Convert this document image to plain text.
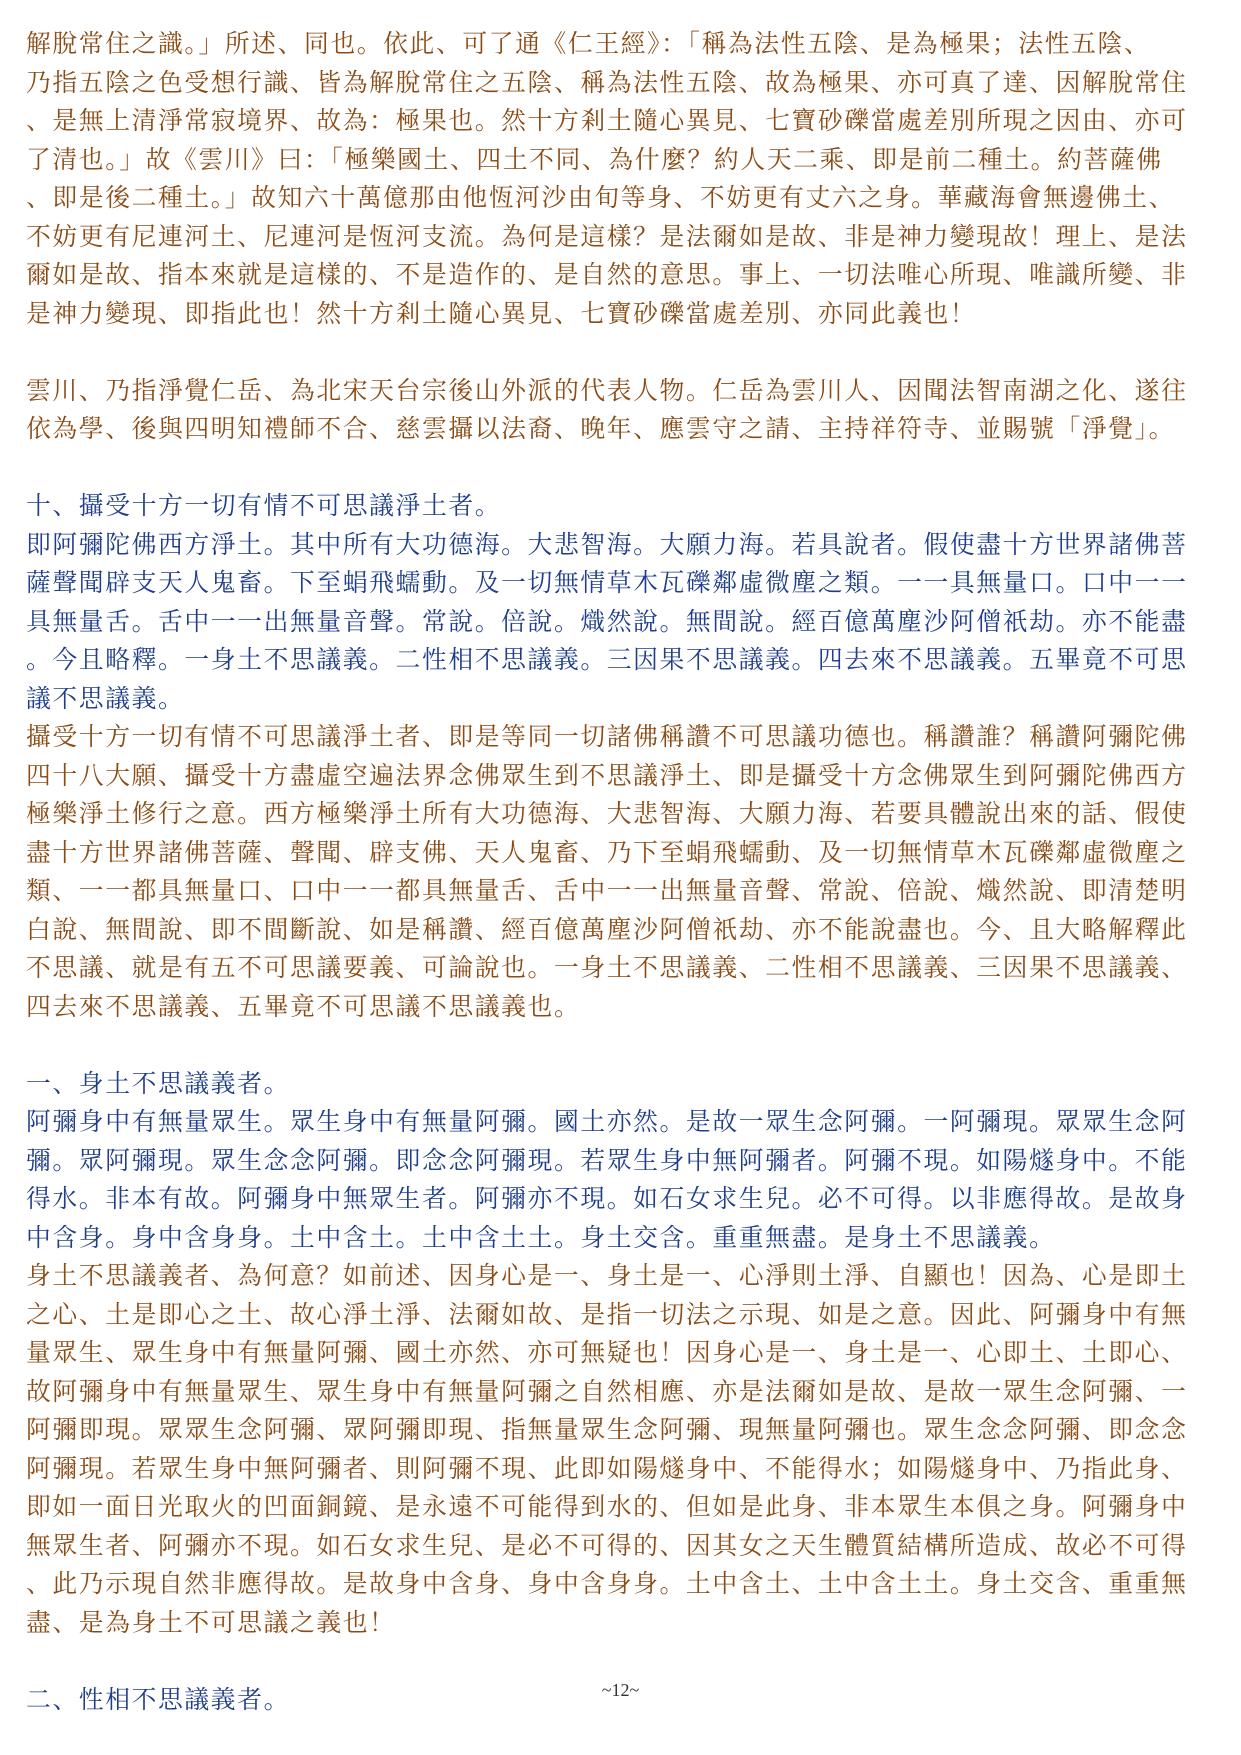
解脫常住之識。」所述、同也。依此、可了通《仁王經》：「稱為法性五陰、是為極果；法性五陰、
乃指五陰之色受想行識、皆為解脫常住之五陰、稱為法性五陰、故為極果、亦可真了達、因解脫常住
、是無上清淨常寂境界、故為：極果也。然十方剎土隨心異見、七寶砂礫當處差別所現之因由、亦可
了清也。」故《雲川》曰：「極樂國土、四土不同、為什麼？約人天二乘、即是前二種土。約菩薩佛
、即是後二種土。」故知六十萬億那由他恆河沙由旬等身、不妨更有丈六之身。華藏海會無邊佛土、
不妨更有尼連河土、尼連河是恆河支流。為何是這樣？是法爾如是故、非是神力變現故！理上、是法
爾如是故、指本來就是這樣的、不是造作的、是自然的意思。事上、一切法唯心所現、唯識所變、非
是神力變現、即指此也！然十方剎土隨心異見、七寶砂礫當處差別、亦同此義也！

雲川、乃指淨覺仁岳、為北宋天台宗後山外派的代表人物。仁岳為雲川人、因聞法智南湖之化、遂往
依為學、後與四明知禮師不合、慈雲攝以法裔、晚年、應雲守之請、主持祥符寺、並賜號「淨覺」。

十、攝受十方一切有情不可思議淨土者。

即阿彌陀佛西方淨土。其中所有大功德海。大悲智海。大願力海。若具說者。假使盡十方世界諸佛菩
薩聲聞辟支天人鬼畜。下至蜎飛蠕動。及一切無情草木瓦礫鄰虛微塵之類。一一具無量口。口中一一
具無量舌。舌中一一出無量音聲。常說。倍說。熾然說。無間說。經百億萬塵沙阿僧祇劫。亦不能盡
。今且略釋。一身土不思議義。二性相不思議義。三因果不思議義。四去來不思議義。五畢竟不可思
議不思議義。

攝受十方一切有情不可思議淨土者、即是等同一切諸佛稱讚不可思議功德也。稱讚誰？稱讚阿彌陀佛
四十八大願、攝受十方盡虛空遍法界念佛眾生到不思議淨土、即是攝受十方念佛眾生到阿彌陀佛西方
極樂淨土修行之意。西方極樂淨土所有大功德海、大悲智海、大願力海、若要具體說出來的話、假使
盡十方世界諸佛菩薩、聲聞、辟支佛、天人鬼畜、乃下至蜎飛蠕動、及一切無情草木瓦礫鄰虛微塵之
類、一一都具無量口、口中一一都具無量舌、舌中一一出無量音聲、常說、倍說、熾然說、即清楚明
白說、無間說、即不間斷說、如是稱讚、經百億萬塵沙阿僧祇劫、亦不能說盡也。今、且大略解釋此
不思議、就是有五不可思議要義、可論說也。一身土不思議義、二性相不思議義、三因果不思議義、
四去來不思議義、五畢竟不可思議不思議義也。

一、身土不思議義者。

阿彌身中有無量眾生。眾生身中有無量阿彌。國土亦然。是故一眾生念阿彌。一阿彌現。眾眾生念阿
彌。眾阿彌現。眾生念念阿彌。即念念阿彌現。若眾生身中無阿彌者。阿彌不現。如陽燧身中。不能
得水。非本有故。阿彌身中無眾生者。阿彌亦不現。如石女求生兒。必不可得。以非應得故。是故身
中含身。身中含身身。土中含土。土中含土土。身土交含。重重無盡。是身土不思議義。

身土不思議義者、為何意？如前述、因身心是一、身土是一、心淨則土淨、自顯也！因為、心是即土
之心、土是即心之土、故心淨土淨、法爾如故、是指一切法之示現、如是之意。因此、阿彌身中有無
量眾生、眾生身中有無量阿彌、國土亦然、亦可無疑也！因身心是一、身土是一、心即土、土即心、
故阿彌身中有無量眾生、眾生身中有無量阿彌之自然相應、亦是法爾如是故、是故一眾生念阿彌、一
阿彌即現。眾眾生念阿彌、眾阿彌即現、指無量眾生念阿彌、現無量阿彌也。眾生念念阿彌、即念念
阿彌現。若眾生身中無阿彌者、則阿彌不現、此即如陽燧身中、不能得水；如陽燧身中、乃指此身、
即如一面日光取火的凹面銅鏡、是永遠不可能得到水的、但如是此身、非本眾生本俱之身。阿彌身中
無眾生者、阿彌亦不現。如石女求生兒、是必不可得的、因其女之天生體質結構所造成、故必不可得
、此乃示現自然非應得故。是故身中含身、身中含身身。土中含土、土中含土土。身土交含、重重無
盡、是為身土不可思議之義也！

二、性相不思議義者。	~12~
